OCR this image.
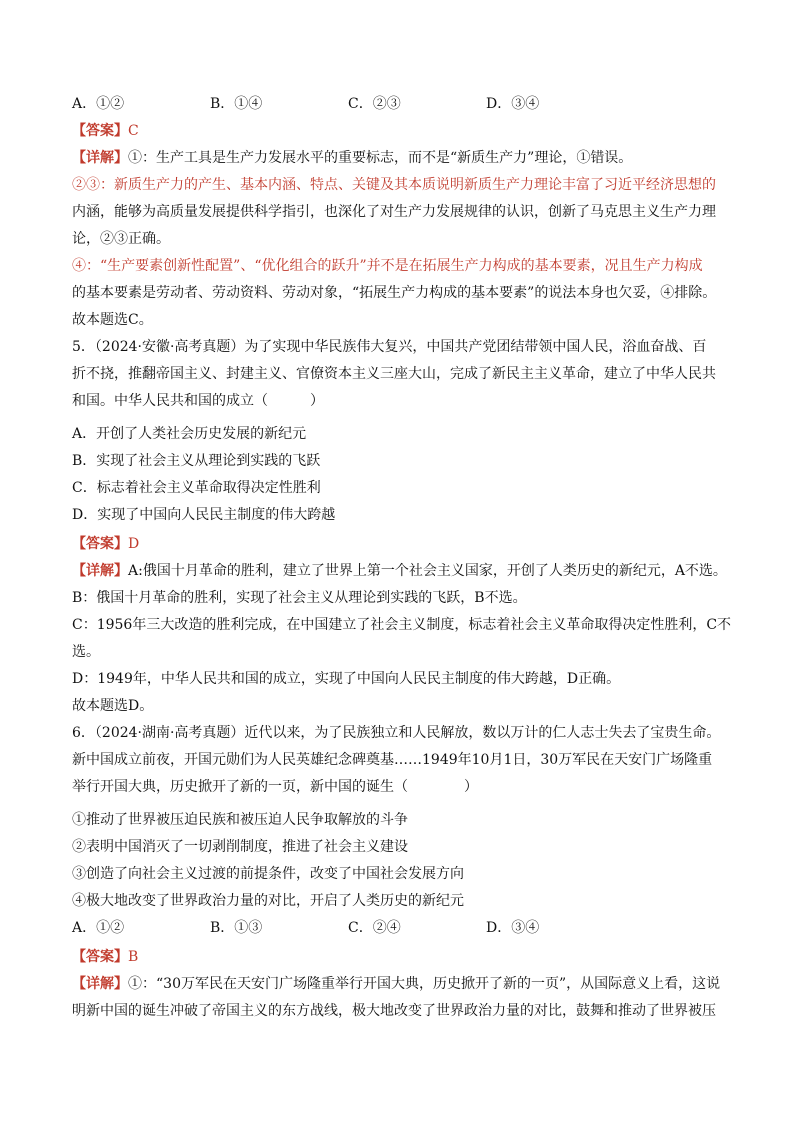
A．①②	B．①④	C．②③	D．③④
【答案】C
【详解】①：生产工具是生产力发展水平的重要标志，而不是“新质生产力”理论，①错误。
②③：新质生产力的产生、基本内涵、特点、关键及其本质说明新质生产力理论丰富了习近平经济思想的
内涵，能够为高质量发展提供科学指引，也深化了对生产力发展规律的认识，创新了马克思主义生产力理
论，②③正确。
④：“生产要素创新性配置”、“优化组合的跃升”并不是在拓展生产力构成的基本要素，况且生产力构成
的基本要素是劳动者、劳动资料、劳动对象，“拓展生产力构成的基本要素”的说法本身也欠妥，④排除。
故本题选C。
5．（2024·安徽·高考真题）为了实现中华民族伟大复兴，中国共产党团结带领中国人民，浴血奋战、百
折不挠，推翻帝国主义、封建主义、官僚资本主义三座大山，完成了新民主主义革命，建立了中华人民共
和国。中华人民共和国的成立（　　　）
A．开创了人类社会历史发展的新纪元
B．实现了社会主义从理论到实践的飞跃
C．标志着社会主义革命取得决定性胜利
D．实现了中国向人民民主制度的伟大跨越
【答案】D
【详解】A:俄国十月革命的胜利，建立了世界上第一个社会主义国家，开创了人类历史的新纪元，A不选。
B：俄国十月革命的胜利，实现了社会主义从理论到实践的飞跃，B不选。
C：1956年三大改造的胜利完成，在中国建立了社会主义制度，标志着社会主义革命取得决定性胜利，C不
选。
D：1949年，中华人民共和国的成立，实现了中国向人民民主制度的伟大跨越，D正确。
故本题选D。
6．（2024·湖南·高考真题）近代以来，为了民族独立和人民解放，数以万计的仁人志士失去了宝贵生命。
新中国成立前夜，开国元勋们为人民英雄纪念碑奠基……1949年10月1日，30万军民在天安门广场隆重
举行开国大典，历史掀开了新的一页，新中国的诞生（　　　　）
①推动了世界被压迫民族和被压迫人民争取解放的斗争
②表明中国消灭了一切剥削制度，推进了社会主义建设
③创造了向社会主义过渡的前提条件，改变了中国社会发展方向
④极大地改变了世界政治力量的对比，开启了人类历史的新纪元
A．①②	B．①③	C．②④	D．③④
【答案】B
【详解】①：“30万军民在天安门广场隆重举行开国大典，历史掀开了新的一页”，从国际意义上看，这说
明新中国的诞生冲破了帝国主义的东方战线，极大地改变了世界政治力量的对比，鼓舞和推动了世界被压
